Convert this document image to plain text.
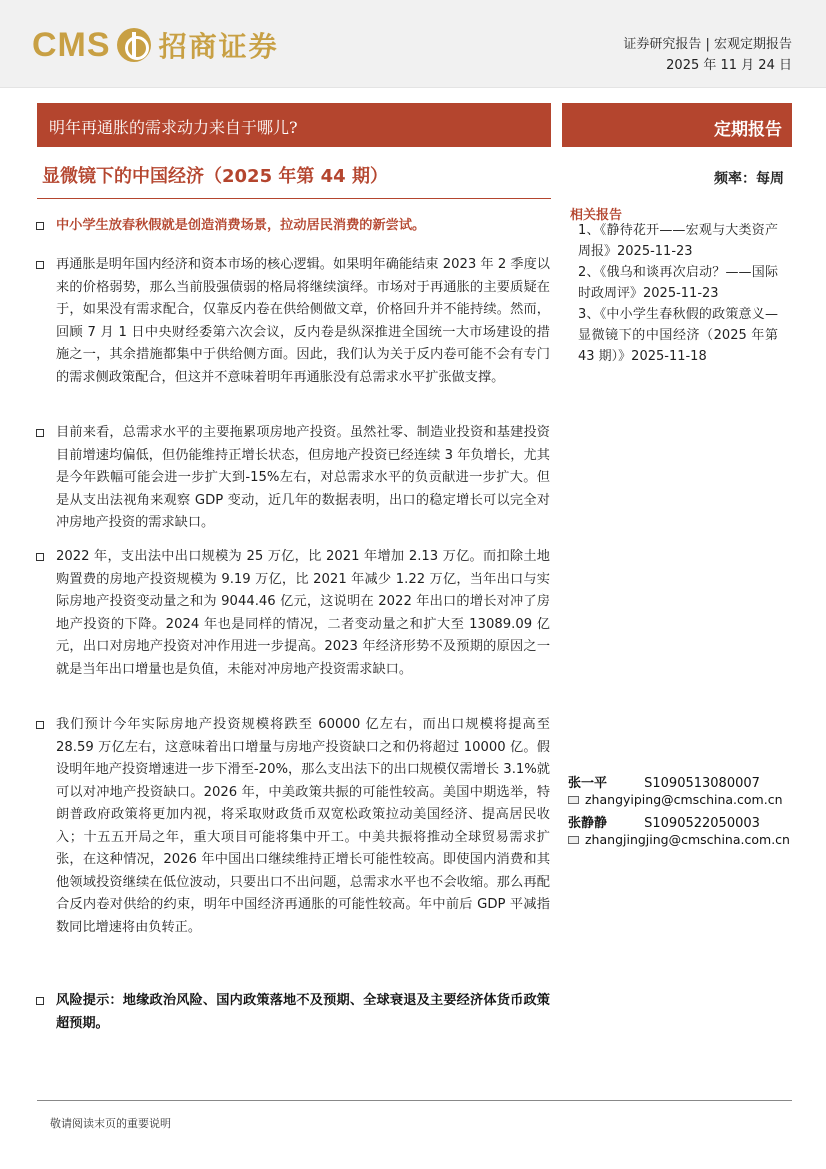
CMS 招商证券	证券研究报告 | 宏观定期报告
2025 年 11 月 24 日
明年再通胀的需求动力来自于哪儿?	定期报告
显微镜下的中国经济（2025 年第 44 期）	频率：每周
中小学生放春秋假就是创造消费场景，拉动居民消费的新尝试。
再通胀是明年国内经济和资本市场的核心逻辑。如果明年确能结束 2023 年 2 季度以来的价格弱势，那么当前股强债弱的格局将继续演绎。市场对于再通胀的主要质疑在于，如果没有需求配合，仅靠反内卷在供给侧做文章，价格回升并不能持续。然而，回顾 7 月 1 日中央财经委第六次会议，反内卷是纵深推进全国统一大市场建设的措施之一，其余措施都集中于供给侧方面。因此，我们认为关于反内卷可能不会有专门的需求侧政策配合，但这并不意味着明年再通胀没有总需求水平扩张做支撑。
目前来看，总需求水平的主要拖累项房地产投资。虽然社零、制造业投资和基建投资目前增速均偏低，但仍能维持正增长状态，但房地产投资已经连续 3 年负增长，尤其是今年跌幅可能会进一步扩大到-15%左右，对总需求水平的负贡献进一步扩大。但是从支出法视角来观察 GDP 变动，近几年的数据表明，出口的稳定增长可以完全对冲房地产投资的需求缺口。
2022 年，支出法中出口规模为 25 万亿，比 2021 年增加 2.13 万亿。而扣除土地购置费的房地产投资规模为 9.19 万亿，比 2021 年减少 1.22 万亿，当年出口与实际房地产投资变动量之和为 9044.46 亿元，这说明在 2022 年出口的增长对冲了房地产投资的下降。2024 年也是同样的情况，二者变动量之和扩大至 13089.09 亿元，出口对房地产投资对冲作用进一步提高。2023 年经济形势不及预期的原因之一就是当年出口增量也是负值，未能对冲房地产投资需求缺口。
我们预计今年实际房地产投资规模将跌至 60000 亿左右，而出口规模将提高至 28.59 万亿左右，这意味着出口增量与房地产投资缺口之和仍将超过 10000 亿。假设明年地产投资增速进一步下滑至-20%，那么支出法下的出口规模仅需增长 3.1%就可以对冲地产投资缺口。2026 年，中美政策共振的可能性较高。美国中期选举，特朗普政府政策将更加内视，将采取财政货币双宽松政策拉动美国经济、提高居民收入；十五五开局之年，重大项目可能将集中开工。中美共振将推动全球贸易需求扩张，在这种情况，2026 年中国出口继续维持正增长可能性较高。即使国内消费和其他领域投资继续在低位波动，只要出口不出问题，总需求水平也不会收缩。那么再配合反内卷对供给的约束，明年中国经济再通胀的可能性较高。年中前后 GDP 平减指数同比增速将由负转正。
风险提示：地缘政治风险、国内政策落地不及预期、全球衰退及主要经济体货币政策超预期。
相关报告
1、《静待花开——宏观与大类资产周报》2025-11-23
2、《俄乌和谈再次启动？——国际时政周评》2025-11-23
3、《中小学生春秋假的政策意义—显微镜下的中国经济（2025 年第 43 期）》2025-11-18
张一平	S1090513080007
zhangyiping@cmschina.com.cn
张静静	S1090522050003
zhangjingjing@cmschina.com.cn
敬请阅读末页的重要说明
